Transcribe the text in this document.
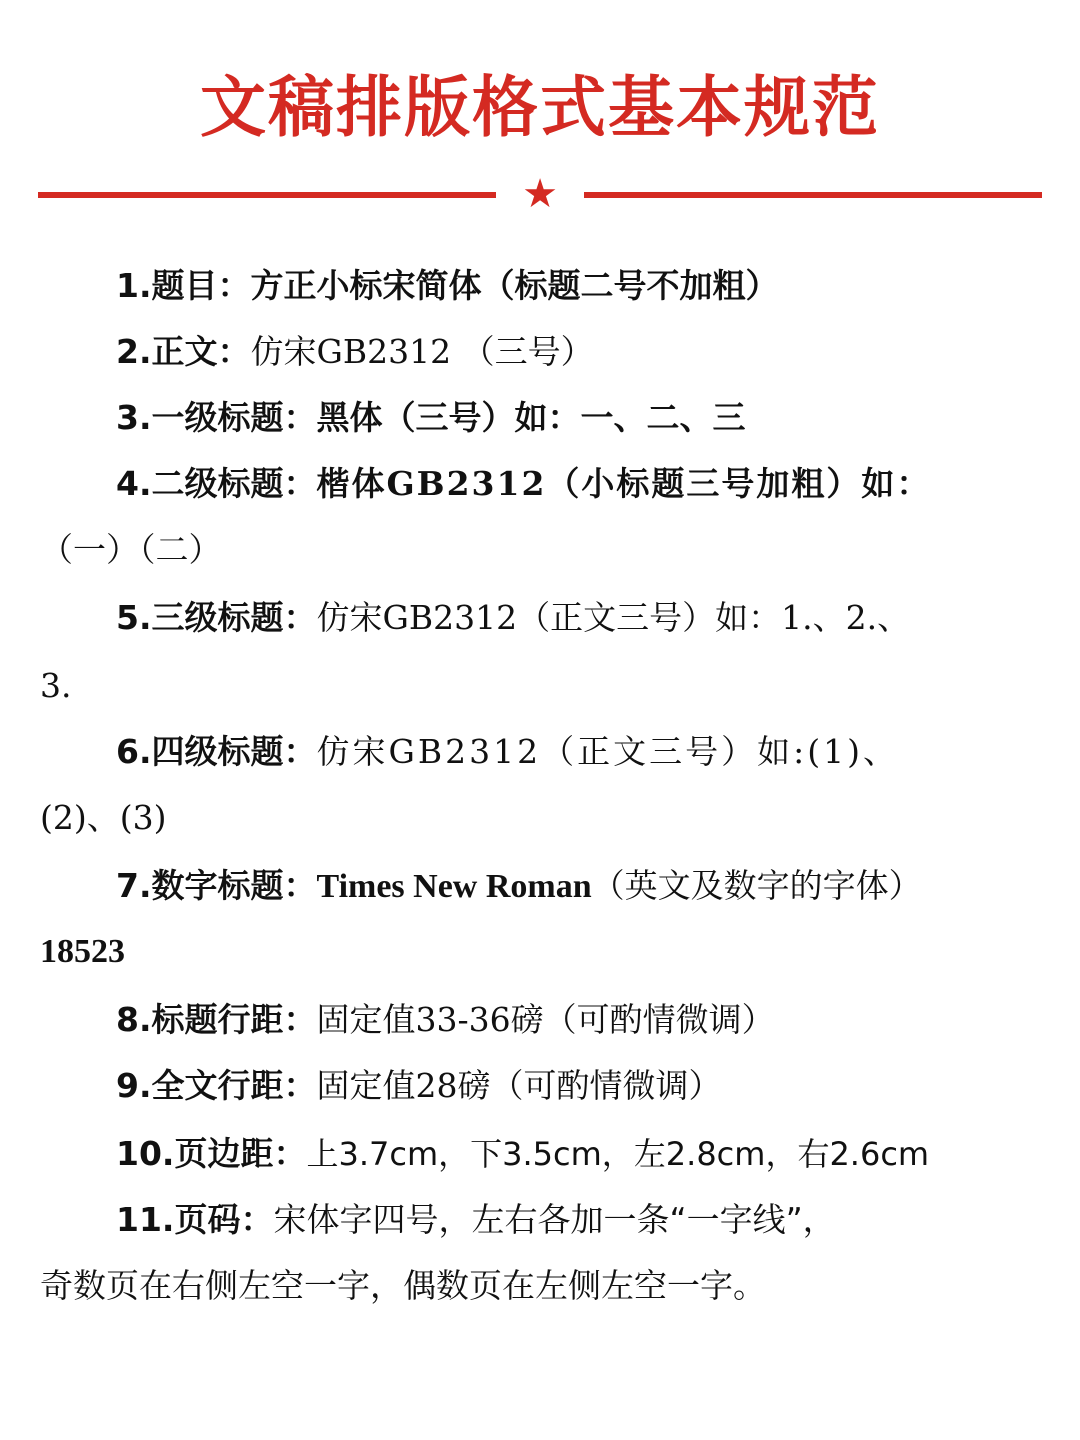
文稿排版格式基本规范
★
1.题目：方正小标宋简体（标题二号不加粗）
2.正文：仿宋GB2312 （三号）
3.一级标题：黑体（三号）如：一、二、三
4.二级标题：楷体GB2312（小标题三号加粗）如：
（一）（二）
5.三级标题：仿宋GB2312（正文三号）如：1.、2.、
3.
6.四级标题：仿宋GB2312（正文三号）如:(1)、
(2)、(3)
7.数字标题：Times New Roman（英文及数字的字体）
18523
8.标题行距：固定值33-36磅（可酌情微调）
9.全文行距：固定值28磅（可酌情微调）
10.页边距：上3.7cm，下3.5cm，左2.8cm，右2.6cm
11.页码：宋体字四号，左右各加一条“一字线”，
奇数页在右侧左空一字，偶数页在左侧左空一字。
